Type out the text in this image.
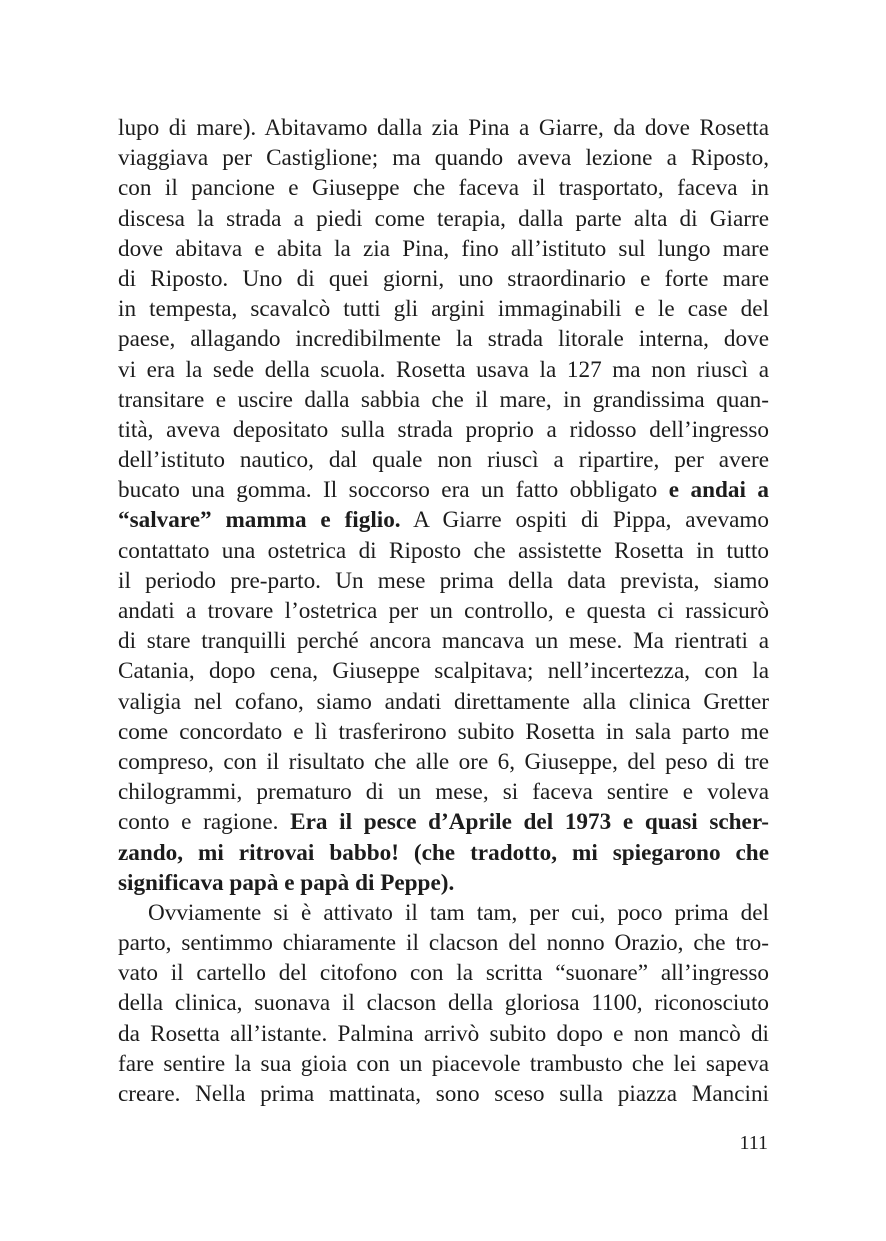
lupo di mare). Abitavamo dalla zia Pina a Giarre, da dove Rosetta
viaggiava per Castiglione; ma quando aveva lezione a Riposto,
con il pancione e Giuseppe che faceva il trasportato, faceva in
discesa la strada a piedi come terapia, dalla parte alta di Giarre
dove abitava e abita la zia Pina, fino all’istituto sul lungo mare
di Riposto. Uno di quei giorni, uno straordinario e forte mare
in tempesta, scavalcò tutti gli argini immaginabili e le case del
paese, allagando incredibilmente la strada litorale interna, dove
vi era la sede della scuola. Rosetta usava la 127 ma non riuscì a
transitare e uscire dalla sabbia che il mare, in grandissima quan-
tità, aveva depositato sulla strada proprio a ridosso dell’ingresso
dell’istituto nautico, dal quale non riuscì a ripartire, per avere
bucato una gomma. Il soccorso era un fatto obbligato e andai a
“salvare” mamma e figlio. A Giarre ospiti di Pippa, avevamo
contattato una ostetrica di Riposto che assistette Rosetta in tutto
il periodo pre-parto. Un mese prima della data prevista, siamo
andati a trovare l’ostetrica per un controllo, e questa ci rassicurò
di stare tranquilli perché ancora mancava un mese. Ma rientrati a
Catania, dopo cena, Giuseppe scalpitava; nell’incertezza, con la
valigia nel cofano, siamo andati direttamente alla clinica Gretter
come concordato e lì trasferirono subito Rosetta in sala parto me
compreso, con il risultato che alle ore 6, Giuseppe, del peso di tre
chilogrammi, prematuro di un mese, si faceva sentire e voleva
conto e ragione. Era il pesce d’Aprile del 1973 e quasi scher-
zando, mi ritrovai babbo! (che tradotto, mi spiegarono che
significava papà e papà di Peppe).
Ovviamente si è attivato il tam tam, per cui, poco prima del
parto, sentimmo chiaramente il clacson del nonno Orazio, che tro-
vato il cartello del citofono con la scritta “suonare” all’ingresso
della clinica, suonava il clacson della gloriosa 1100, riconosciuto
da Rosetta all’istante. Palmina arrivò subito dopo e non mancò di
fare sentire la sua gioia con un piacevole trambusto che lei sapeva
creare. Nella prima mattinata, sono sceso sulla piazza Mancini
111
